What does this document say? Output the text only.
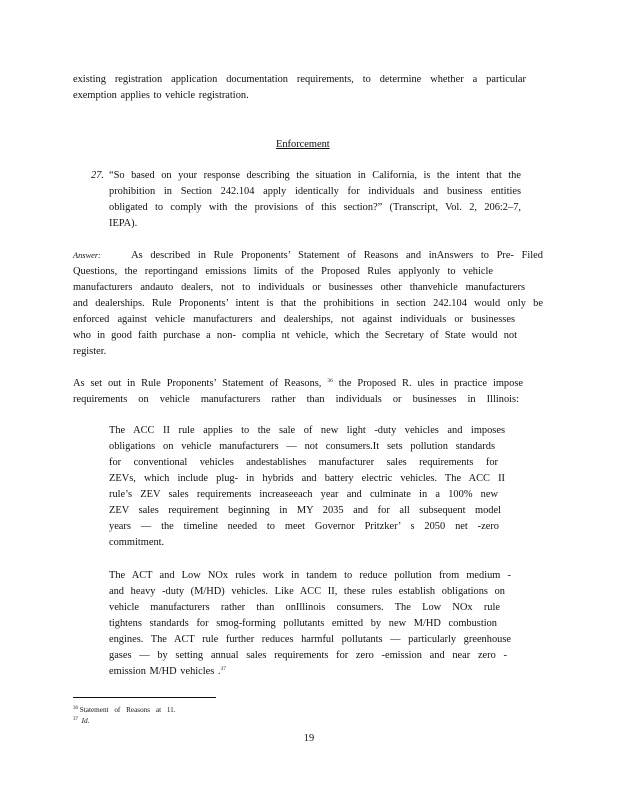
existing registration application documentation requirements, to determine whether a particular
exemption applies to vehicle registration.
Enforcement
27. “So based on your response describing the situation in California, is the intent that the
prohibition in Section 242.104 apply identically for individuals and business entities
obligated to comply with the provisions of this section?” (Transcript, Vol. 2, 206:2–7,
IEPA).
Answer:	As described in Rule Proponents’ Statement of Reasons and inAnswers to Pre- Filed
Questions, the reportingand emissions limits of the Proposed Rules applyonly to vehicle
manufacturers andauto dealers, not to individuals or businesses other thanvehicle manufacturers
and dealerships. Rule Proponents’ intent is that the prohibitions in section 242.104 would only be
enforced against vehicle manufacturers and dealerships, not against individuals or businesses
who in good faith purchase a non- complia nt vehicle, which the Secretary of State would not
register.
As set out in Rule Proponents’ Statement of Reasons, $^{36}$ the Proposed R. ules in practice impose
requirements on vehicle manufacturers rather than individuals or businesses in Illinois:
The ACC II rule applies to the sale of new light -duty vehicles and imposes
obligations on vehicle manufacturers — not consumers.It sets pollution standards
for conventional vehicles andestablishes manufacturer sales requirements for
ZEVs, which include plug- in hybrids and battery electric vehicles. The ACC II
rule’s ZEV sales requirements increaseeach year and culminate in a 100% new
ZEV sales requirement beginning in MY 2035 and for all subsequent model
years — the timeline needed to meet Governor Pritzker’ s 2050 net -zero
commitment.
The ACT and Low NOx rules work in tandem to reduce pollution from medium -
and heavy -duty (M/HD) vehicles. Like ACC II, these rules establish obligations on
vehicle manufacturers rather than onIllinois consumers. The Low NOx rule
tightens standards for smog-forming pollutants emitted by new M/HD combustion
engines. The ACT rule further reduces harmful pollutants — particularly greenhouse
gases — by setting annual sales requirements for zero -emission and near zero -
emission M/HD vehicles .$^{37}$
$^{36}$ Statement of Reasons at 11.
$^{37}$ Id.
19
